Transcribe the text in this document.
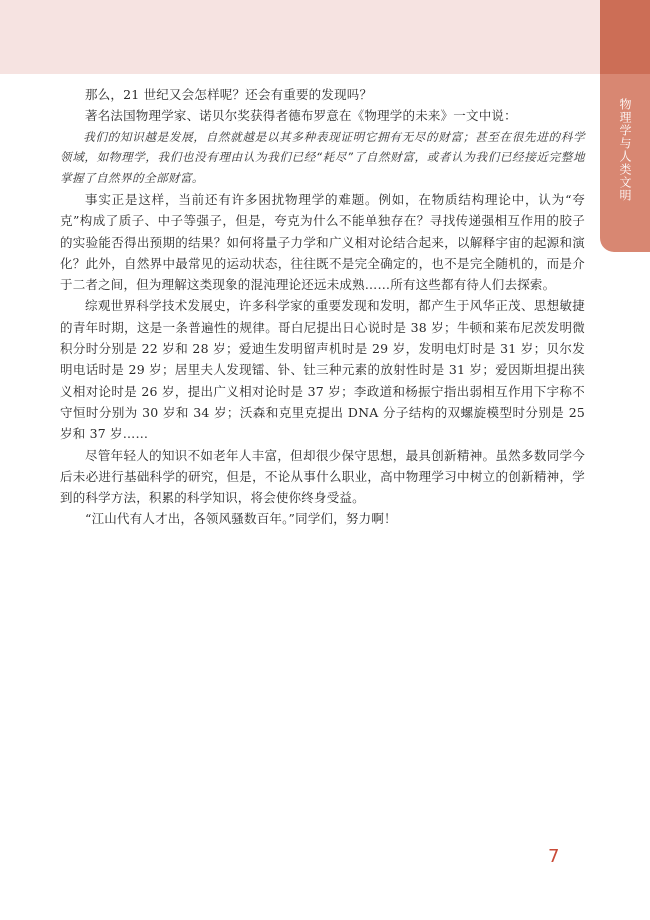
物理学与人类文明

那么，21 世纪又会怎样呢？还会有重要的发现吗？

著名法国物理学家、诺贝尔奖获得者德布罗意在《物理学的未来》一文中说：

我们的知识越是发展，自然就越是以其多种表现证明它拥有无尽的财富；甚至在很先进的科学领域，如物理学，我们也没有理由认为我们已经“耗尽”了自然财富，或者认为我们已经接近完整地掌握了自然界的全部财富。

事实正是这样，当前还有许多困扰物理学的难题。例如，在物质结构理论中，认为“夸克”构成了质子、中子等强子，但是，夸克为什么不能单独存在？寻找传递强相互作用的胶子的实验能否得出预期的结果？如何将量子力学和广义相对论结合起来，以解释宇宙的起源和演化？此外，自然界中最常见的运动状态，往往既不是完全确定的，也不是完全随机的，而是介于二者之间，但为理解这类现象的混沌理论还远未成熟……所有这些都有待人们去探索。

综观世界科学技术发展史，许多科学家的重要发现和发明，都产生于风华正茂、思想敏捷的青年时期，这是一条普遍性的规律。哥白尼提出日心说时是 38 岁；牛顿和莱布尼茨发明微积分时分别是 22 岁和 28 岁；爱迪生发明留声机时是 29 岁，发明电灯时是 31 岁；贝尔发明电话时是 29 岁；居里夫人发现镭、钋、钍三种元素的放射性时是 31 岁；爱因斯坦提出狭义相对论时是 26 岁，提出广义相对论时是 37 岁；李政道和杨振宁指出弱相互作用下宇称不守恒时分别为 30 岁和 34 岁；沃森和克里克提出 DNA 分子结构的双螺旋模型时分别是 25 岁和 37 岁……

尽管年轻人的知识不如老年人丰富，但却很少保守思想，最具创新精神。虽然多数同学今后未必进行基础科学的研究，但是，不论从事什么职业，高中物理学习中树立的创新精神，学到的科学方法，积累的科学知识，将会使你终身受益。

“江山代有人才出，各领风骚数百年。”同学们，努力啊！

7
